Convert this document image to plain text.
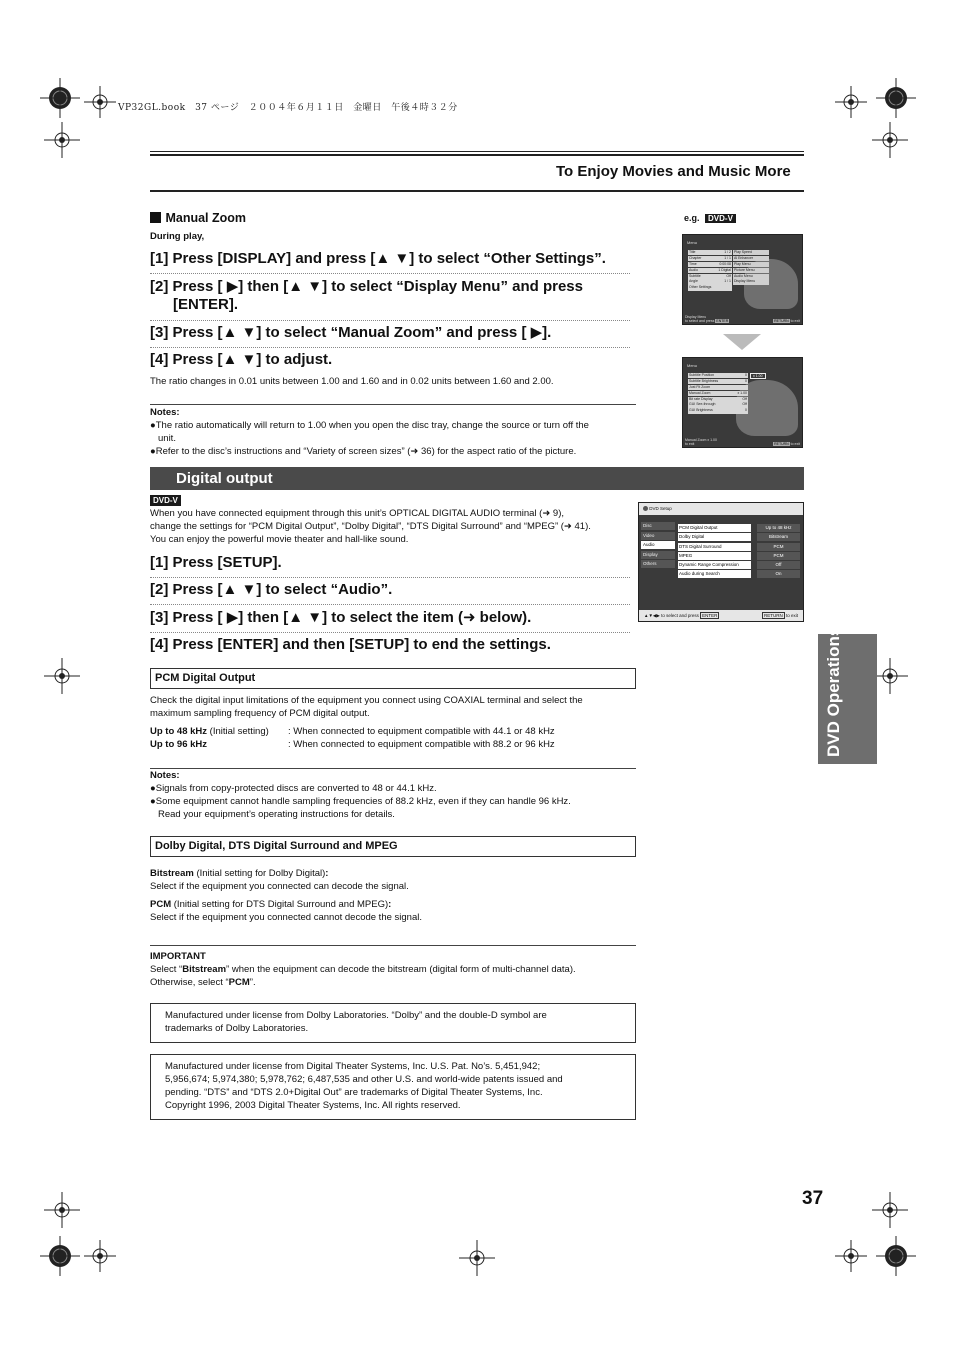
VP32GL.book　37 ページ　２００４年６月１１日　金曜日　午後４時３２分
To Enjoy Movies and Music More
Manual Zoom
During play,
[1] Press [DISPLAY] and press [▲ ▼] to select “Other Settings”.
[2] Press [ ▶] then [▲ ▼] to select “Display Menu” and press
[ENTER].
[3] Press [▲ ▼] to select “Manual Zoom” and press [ ▶].
[4] Press [▲ ▼] to adjust.
The ratio changes in 0.01 units between 1.00 and 1.60 and in 0.02 units between 1.60 and 2.00.
Notes:
●The ratio automatically will return to 1.00 when you open the disc tray, change the source or turn off the
unit.
●Refer to the disc’s instructions and “Variety of screen sizes” (➜ 36) for the aspect ratio of the picture.
e.g. DVD-V
Menu
Title	1 / 2
Chapter	1 / 1
Time	0:00:08
Audio	1 Digital
Subtitle	Off
Angle	1 / 1
Other Settings
Play Speed
Al Enhancer
Play Menu
Picture Menu
Audio Menu
Display Menu
Display Menu
to select and press ENTER	RETURN to exit
Menu
Subtitle Position	0
Subtitle Brightness	0
Just Fit Zoom
Manual Zoom	x 1.00
Bit rate Display	Off
GUI See-through	Off
GUI Brightness	0
x 1.00
Manual Zoom x 1.00
to exit	RETURN to exit
Digital output
DVD-V
When you have connected equipment through this unit’s OPTICAL DIGITAL AUDIO terminal (➜ 9),
change the settings for “PCM Digital Output”, “Dolby Digital”, “DTS Digital Surround” and “MPEG” (➜ 41).
You can enjoy the powerful movie theater and hall-like sound.
[1] Press [SETUP].
[2] Press [▲ ▼] to select “Audio”.
[3] Press [ ▶] then [▲ ▼] to select the item (➜ below).
[4] Press [ENTER] and then [SETUP] to end the settings.
DVD Setup
Disc
Video
Audio
Display
Others
PCM Digital Output	Up to 48 kHz
Dolby Digital	Bitstream
DTS Digital Surround	PCM
MPEG	PCM
Dynamic Range Compression	Off
Audio during Search	On
▲▼◀▶ to select and press ENTER	RETURN to exit
PCM Digital Output
Check the digital input limitations of the equipment you connect using COAXIAL terminal and select the
maximum sampling frequency of PCM digital output.
Up to 48 kHz (Initial setting) : When connected to equipment compatible with 44.1 or 48 kHz
Up to 96 kHz	: When connected to equipment compatible with 88.2 or 96 kHz
Notes:
●Signals from copy-protected discs are converted to 48 or 44.1 kHz.
●Some equipment cannot handle sampling frequencies of 88.2 kHz, even if they can handle 96 kHz.
Read your equipment’s operating instructions for details.
Dolby Digital, DTS Digital Surround and MPEG
Bitstream (Initial setting for Dolby Digital):
Select if the equipment you connected can decode the signal.
PCM (Initial setting for DTS Digital Surround and MPEG):
Select if the equipment you connected cannot decode the signal.
IMPORTANT
Select “Bitstream” when the equipment can decode the bitstream (digital form of multi-channel data).
Otherwise, select “PCM”.
Manufactured under license from Dolby Laboratories. “Dolby” and the double-D symbol are
trademarks of Dolby Laboratories.
Manufactured under license from Digital Theater Systems, Inc. U.S. Pat. No’s. 5,451,942;
5,956,674; 5,974,380; 5,978,762; 6,487,535 and other U.S. and world-wide patents issued and
pending. “DTS” and “DTS 2.0+Digital Out” are trademarks of Digital Theater Systems, Inc.
Copyright 1996, 2003 Digital Theater Systems, Inc. All rights reserved.
DVD Operations
37
